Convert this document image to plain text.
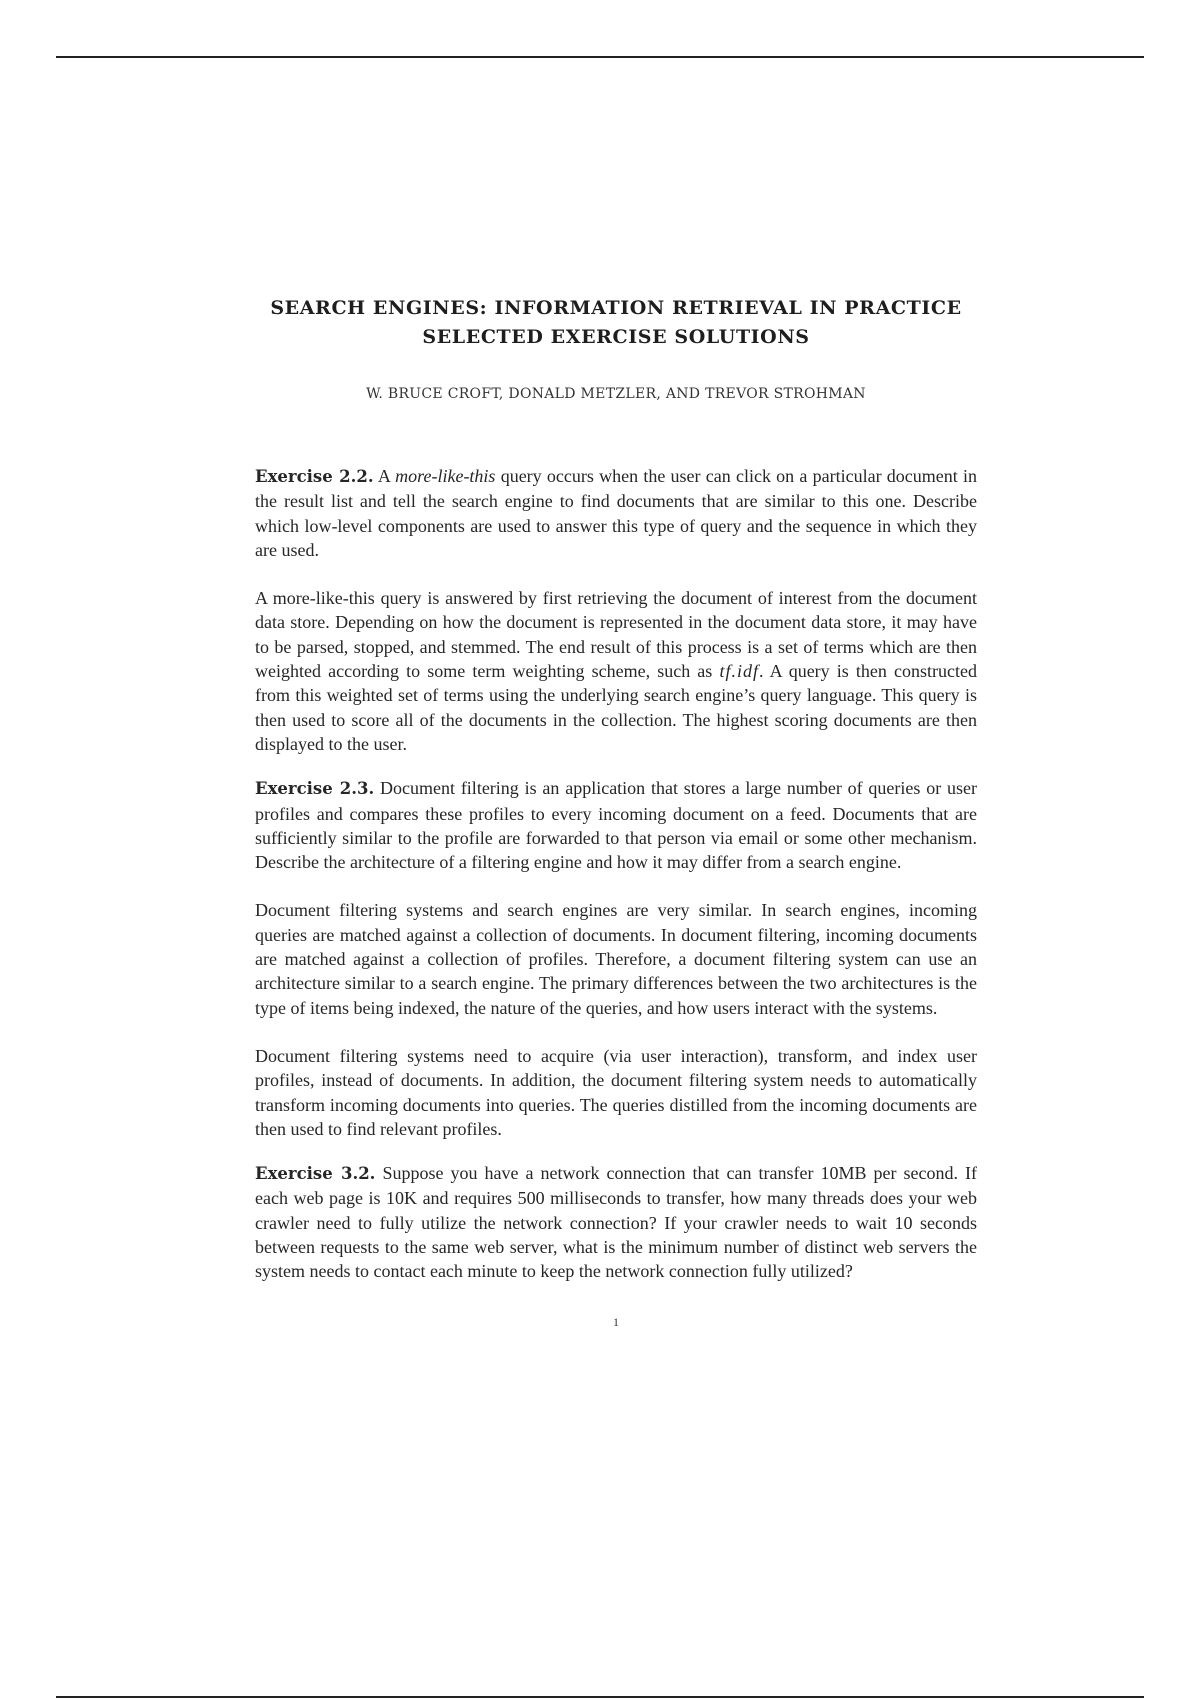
SEARCH ENGINES: INFORMATION RETRIEVAL IN PRACTICE
SELECTED EXERCISE SOLUTIONS
W. BRUCE CROFT, DONALD METZLER, AND TREVOR STROHMAN

Exercise 2.2. A more-like-this query occurs when the user can click on a particular document in the result list and tell the search engine to find documents that are similar to this one. Describe which low-level components are used to answer this type of query and the sequence in which they are used.

A more-like-this query is answered by first retrieving the document of interest from the document data store. Depending on how the document is represented in the document data store, it may have to be parsed, stopped, and stemmed. The end result of this process is a set of terms which are then weighted according to some term weighting scheme, such as tf.idf. A query is then constructed from this weighted set of terms using the underlying search engine’s query language. This query is then used to score all of the documents in the collection. The highest scoring documents are then displayed to the user.

Exercise 2.3. Document filtering is an application that stores a large number of queries or user profiles and compares these profiles to every incoming document on a feed. Documents that are sufficiently similar to the profile are forwarded to that person via email or some other mechanism. Describe the architecture of a filtering engine and how it may differ from a search engine.

Document filtering systems and search engines are very similar. In search engines, incoming queries are matched against a collection of documents. In document filtering, incoming documents are matched against a collection of profiles. Therefore, a document filtering system can use an architecture similar to a search engine. The primary differences between the two architectures is the type of items being indexed, the nature of the queries, and how users interact with the systems.

Document filtering systems need to acquire (via user interaction), transform, and index user profiles, instead of documents. In addition, the document filtering system needs to automatically transform incoming documents into queries. The queries distilled from the incoming documents are then used to find relevant profiles.

Exercise 3.2. Suppose you have a network connection that can transfer 10MB per second. If each web page is 10K and requires 500 milliseconds to transfer, how many threads does your web crawler need to fully utilize the network connection? If your crawler needs to wait 10 seconds between requests to the same web server, what is the minimum number of distinct web servers the system needs to contact each minute to keep the network connection fully utilized?

1
